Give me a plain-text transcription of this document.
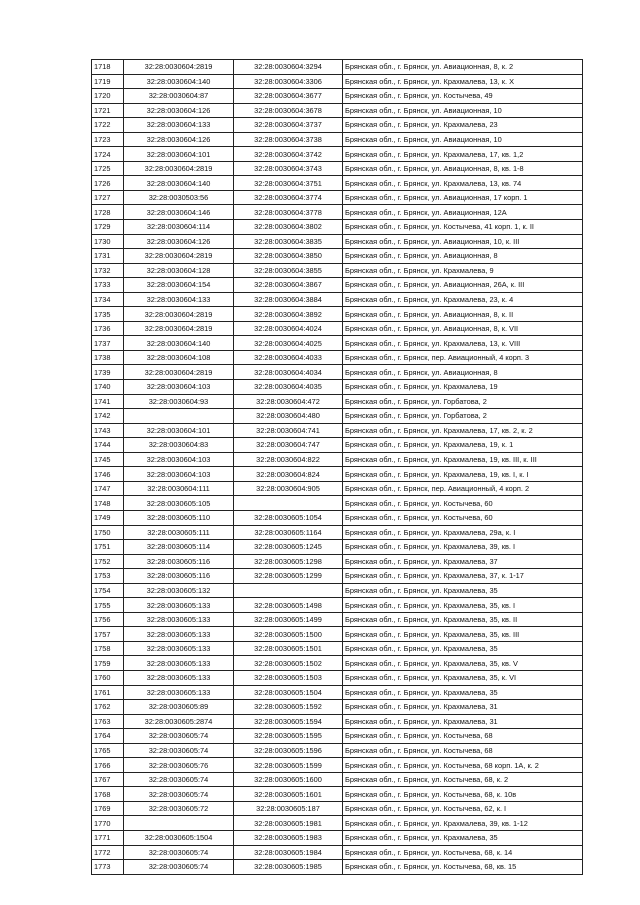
1718	32:28:0030604:2819	32:28:0030604:3294	Брянская обл., г. Брянск, ул. Авиационная, 8, к. 2
1719	32:28:0030604:140	32:28:0030604:3306	Брянская обл., г. Брянск, ул. Крахмалева, 13, к. X
1720	32:28:0030604:87	32:28:0030604:3677	Брянская обл., г. Брянск, ул. Костычева, 49
1721	32:28:0030604:126	32:28:0030604:3678	Брянская обл., г. Брянск, ул. Авиационная, 10
1722	32:28:0030604:133	32:28:0030604:3737	Брянская обл., г. Брянск, ул. Крахмалева, 23
1723	32:28:0030604:126	32:28:0030604:3738	Брянская обл., г. Брянск, ул. Авиационная, 10
1724	32:28:0030604:101	32:28:0030604:3742	Брянская обл., г. Брянск, ул. Крахмалева, 17, кв. 1,2
1725	32:28:0030604:2819	32:28:0030604:3743	Брянская обл., г. Брянск, ул. Авиационная, 8, кв. 1-8
1726	32:28:0030604:140	32:28:0030604:3751	Брянская обл., г. Брянск, ул. Крахмалева, 13, кв. 74
1727	32:28:0030503:56	32:28:0030604:3774	Брянская обл., г. Брянск, ул. Авиационная, 17 корп. 1
1728	32:28:0030604:146	32:28:0030604:3778	Брянская обл., г. Брянск, ул. Авиационная, 12А
1729	32:28:0030604:114	32:28:0030604:3802	Брянская обл., г. Брянск, ул. Костычева, 41 корп. 1, к. II
1730	32:28:0030604:126	32:28:0030604:3835	Брянская обл., г. Брянск, ул. Авиационная, 10, к. III
1731	32:28:0030604:2819	32:28:0030604:3850	Брянская обл., г. Брянск, ул. Авиационная, 8
1732	32:28:0030604:128	32:28:0030604:3855	Брянская обл., г. Брянск, ул. Крахмалева, 9
1733	32:28:0030604:154	32:28:0030604:3867	Брянская обл., г. Брянск, ул. Авиационная, 26А, к. III
1734	32:28:0030604:133	32:28:0030604:3884	Брянская обл., г. Брянск, ул. Крахмалева, 23, к. 4
1735	32:28:0030604:2819	32:28:0030604:3892	Брянская обл., г. Брянск, ул. Авиационная, 8, к. II
1736	32:28:0030604:2819	32:28:0030604:4024	Брянская обл., г. Брянск, ул. Авиационная, 8, к. VII
1737	32:28:0030604:140	32:28:0030604:4025	Брянская обл., г. Брянск, ул. Крахмалева, 13, к. VIII
1738	32:28:0030604:108	32:28:0030604:4033	Брянская обл., г. Брянск, пер. Авиационный, 4 корп. 3
1739	32:28:0030604:2819	32:28:0030604:4034	Брянская обл., г. Брянск, ул. Авиационная, 8
1740	32:28:0030604:103	32:28:0030604:4035	Брянская обл., г. Брянск, ул. Крахмалева, 19
1741	32:28:0030604:93	32:28:0030604:472	Брянская обл., г. Брянск, ул. Горбатова, 2
1742		32:28:0030604:480	Брянская обл., г. Брянск, ул. Горбатова, 2
1743	32:28:0030604:101	32:28:0030604:741	Брянская обл., г. Брянск, ул. Крахмалева, 17, кв. 2, к. 2
1744	32:28:0030604:83	32:28:0030604:747	Брянская обл., г. Брянск, ул. Крахмалева, 19, к. 1
1745	32:28:0030604:103	32:28:0030604:822	Брянская обл., г. Брянск, ул. Крахмалева, 19, кв. III, к. III
1746	32:28:0030604:103	32:28:0030604:824	Брянская обл., г. Брянск, ул. Крахмалева, 19, кв. I, к. I
1747	32:28:0030604:111	32:28:0030604:905	Брянская обл., г. Брянск, пер. Авиационный, 4 корп. 2
1748	32:28:0030605:105		Брянская обл., г. Брянск, ул. Костычева, 60
1749	32:28:0030605:110	32:28:0030605:1054	Брянская обл., г. Брянск, ул. Костычева, 60
1750	32:28:0030605:111	32:28:0030605:1164	Брянская обл., г. Брянск, ул. Крахмалева, 29а, к. I
1751	32:28:0030605:114	32:28:0030605:1245	Брянская обл., г. Брянск, ул. Крахмалева, 39, кв. I
1752	32:28:0030605:116	32:28:0030605:1298	Брянская обл., г. Брянск, ул. Крахмалева, 37
1753	32:28:0030605:116	32:28:0030605:1299	Брянская обл., г. Брянск, ул. Крахмалева, 37, к. 1-17
1754	32:28:0030605:132		Брянская обл., г. Брянск, ул. Крахмалева, 35
1755	32:28:0030605:133	32:28:0030605:1498	Брянская обл., г. Брянск, ул. Крахмалева, 35, кв. I
1756	32:28:0030605:133	32:28:0030605:1499	Брянская обл., г. Брянск, ул. Крахмалева, 35, кв. II
1757	32:28:0030605:133	32:28:0030605:1500	Брянская обл., г. Брянск, ул. Крахмалева, 35, кв. III
1758	32:28:0030605:133	32:28:0030605:1501	Брянская обл., г. Брянск, ул. Крахмалева, 35
1759	32:28:0030605:133	32:28:0030605:1502	Брянская обл., г. Брянск, ул. Крахмалева, 35, кв. V
1760	32:28:0030605:133	32:28:0030605:1503	Брянская обл., г. Брянск, ул. Крахмалева, 35, к. VI
1761	32:28:0030605:133	32:28:0030605:1504	Брянская обл., г. Брянск, ул. Крахмалева, 35
1762	32:28:0030605:89	32:28:0030605:1592	Брянская обл., г. Брянск, ул. Крахмалева, 31
1763	32:28:0030605:2874	32:28:0030605:1594	Брянская обл., г. Брянск, ул. Крахмалева, 31
1764	32:28:0030605:74	32:28:0030605:1595	Брянская обл., г. Брянск, ул. Костычева, 68
1765	32:28:0030605:74	32:28:0030605:1596	Брянская обл., г. Брянск, ул. Костычева, 68
1766	32:28:0030605:76	32:28:0030605:1599	Брянская обл., г. Брянск, ул. Костычева, 68 корп. 1А, к. 2
1767	32:28:0030605:74	32:28:0030605:1600	Брянская обл., г. Брянск, ул. Костычева, 68, к. 2
1768	32:28:0030605:74	32:28:0030605:1601	Брянская обл., г. Брянск, ул. Костычева, 68, к. 10в
1769	32:28:0030605:72	32:28:0030605:187	Брянская обл., г. Брянск, ул. Костычева, 62, к. I
1770		32:28:0030605:1981	Брянская обл., г. Брянск, ул. Крахмалева, 39, кв. 1-12
1771	32:28:0030605:1504	32:28:0030605:1983	Брянская обл., г. Брянск, ул. Крахмалева, 35
1772	32:28:0030605:74	32:28:0030605:1984	Брянская обл., г. Брянск, ул. Костычева, 68, к. 14
1773	32:28:0030605:74	32:28:0030605:1985	Брянская обл., г. Брянск, ул. Костычева, 68, кв. 15
